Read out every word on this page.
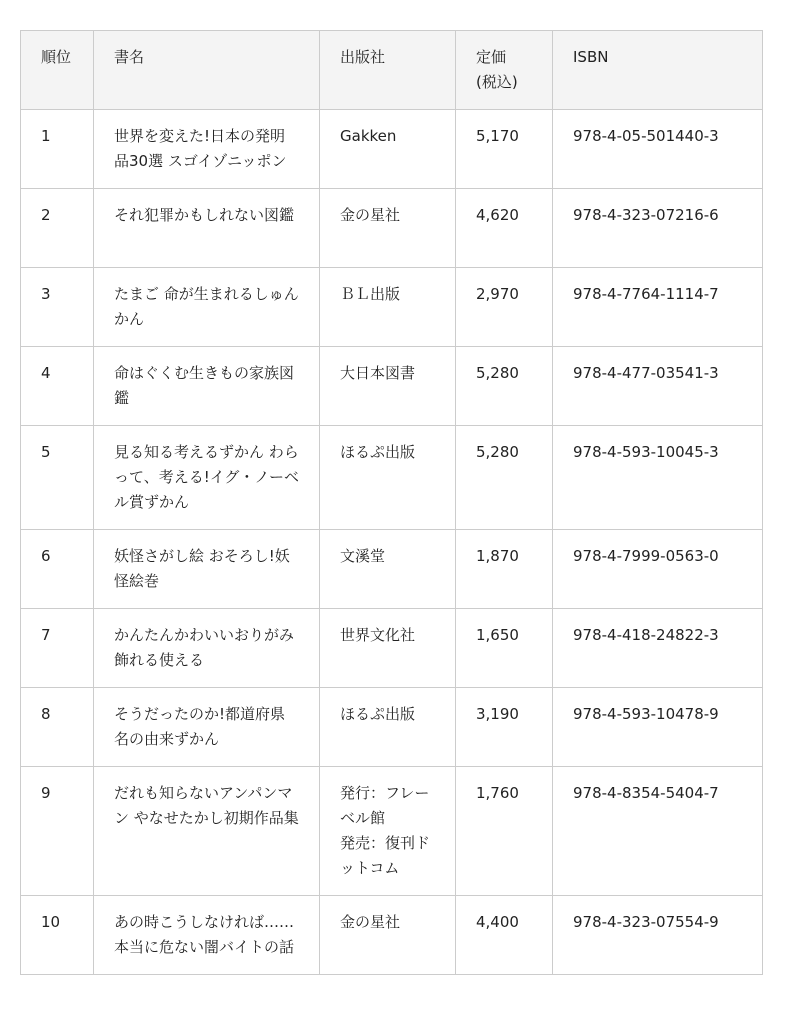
順位	書名	出版社	定価
(税込)	ISBN
1	世界を変えた!日本の発明品30選 スゴイゾニッポン	Gakken	5,170	978-4-05-501440-3
2	それ犯罪かもしれない図鑑	金の星社	4,620	978-4-323-07216-6
3	たまご 命が生まれるしゅんかん	ＢＬ出版	2,970	978-4-7764-1114-7
4	命はぐくむ生きもの家族図鑑	大日本図書	5,280	978-4-477-03541-3
5	見る知る考えるずかん わらって、考える!イグ・ノーベル賞ずかん	ほるぷ出版	5,280	978-4-593-10045-3
6	妖怪さがし絵 おそろし!妖怪絵巻	文溪堂	1,870	978-4-7999-0563-0
7	かんたんかわいいおりがみ 飾れる使える	世界文化社	1,650	978-4-418-24822-3
8	そうだったのか!都道府県名の由来ずかん	ほるぷ出版	3,190	978-4-593-10478-9
9	だれも知らないアンパンマン やなせたかし初期作品集	発行：フレーベル館
発売：復刊ドットコム	1,760	978-4-8354-5404-7
10	あの時こうしなければ…… 本当に危ない闇バイトの話	金の星社	4,400	978-4-323-07554-9
